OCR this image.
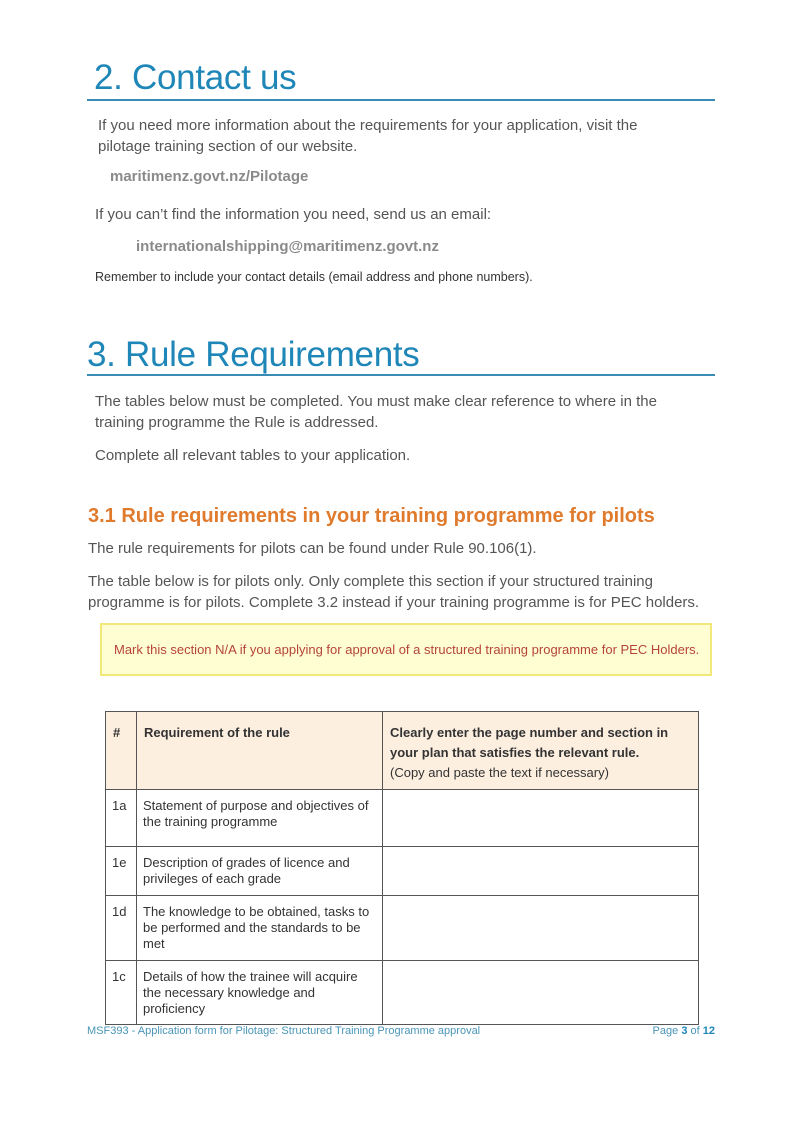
2. Contact us

If you need more information about the requirements for your application, visit the pilotage training section of our website.

maritimenz.govt.nz/Pilotage

If you can’t find the information you need, send us an email:

internationalshipping@maritimenz.govt.nz

Remember to include your contact details (email address and phone numbers).

3. Rule Requirements

The tables below must be completed. You must make clear reference to where in the training programme the Rule is addressed.

Complete all relevant tables to your application.

3.1 Rule requirements in your training programme for pilots

The rule requirements for pilots can be found under Rule 90.106(1).

The table below is for pilots only. Only complete this section if your structured training programme is for pilots. Complete 3.2 instead if your training programme is for PEC holders.

Mark this section N/A if you applying for approval of a structured training programme for PEC Holders.
#	Requirement of the rule	Clearly enter the page number and section in your plan that satisfies the relevant rule.
(Copy and paste the text if necessary)

1a	Statement of purpose and objectives of the training programme	
1e	Description of grades of licence and privileges of each grade	
1d	The knowledge to be obtained, tasks to be performed and the standards to be met	
1c	Details of how the trainee will acquire the necessary knowledge and proficiency	
MSF393 - Application form for Pilotage: Structured Training Programme approval	Page 3 of 12
